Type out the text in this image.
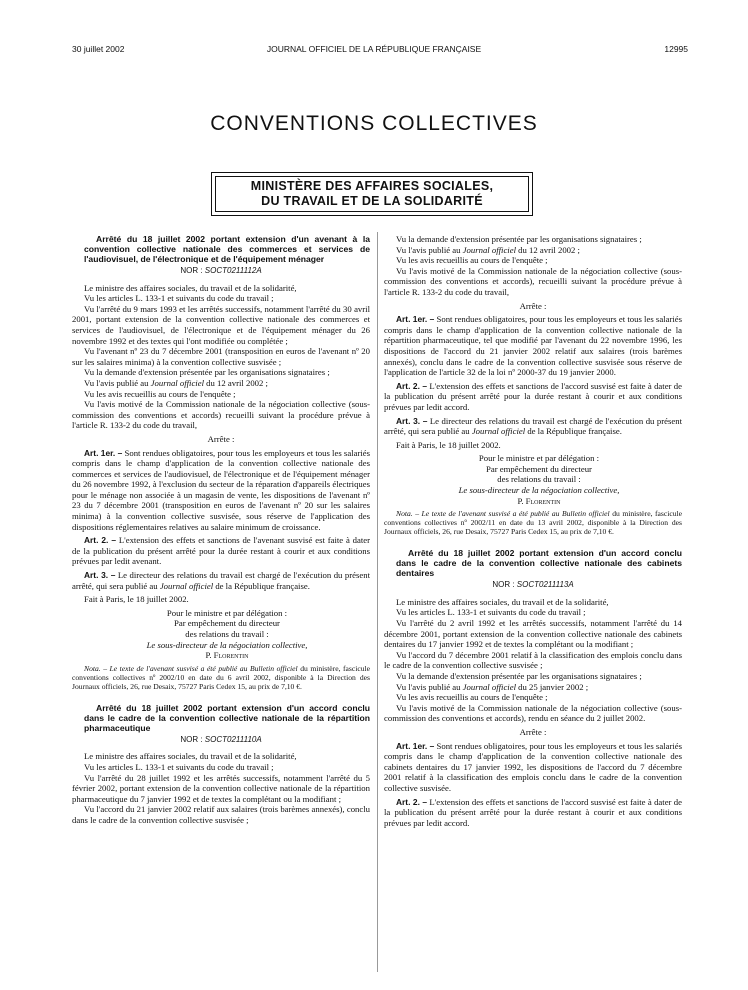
30 juillet 2002	JOURNAL OFFICIEL DE LA RÉPUBLIQUE FRANÇAISE	12995
CONVENTIONS COLLECTIVES
MINISTÈRE DES AFFAIRES SOCIALES,
DU TRAVAIL ET DE LA SOLIDARITÉ

Arrêté du 18 juillet 2002 portant extension d'un avenant à la convention collective nationale des commerces et services de l'audiovisuel, de l'électronique et de l'équipement ménager

NOR : SOCT0211112A

Le ministre des affaires sociales, du travail et de la solidarité,

Vu les articles L. 133-1 et suivants du code du travail ;

Vu l'arrêté du 9 mars 1993 et les arrêtés successifs, notamment l'arrêté du 30 avril 2001, portant extension de la convention collective nationale des commerces et services de l'audiovisuel, de l'électronique et de l'équipement ménager du 26 novembre 1992 et des textes qui l'ont modifiée ou complétée ;

Vu l'avenant nº 23 du 7 décembre 2001 (transposition en euros de l'avenant nº 20 sur les salaires minima) à la convention collective susvisée ;

Vu la demande d'extension présentée par les organisations signataires ;

Vu l'avis publié au Journal officiel du 12 avril 2002 ;

Vu les avis recueillis au cours de l'enquête ;

Vu l'avis motivé de la Commission nationale de la négociation collective (sous-commission des conventions et accords) recueilli suivant la procédure prévue à l'article R. 133-2 du code du travail,

Arrête :

Art. 1er. – Sont rendues obligatoires, pour tous les employeurs et tous les salariés compris dans le champ d'application de la convention collective nationale des commerces et services de l'audiovisuel, de l'électronique et de l'équipement ménager du 26 novembre 1992, à l'exclusion du secteur de la réparation d'appareils électriques pour le ménage non associée à un magasin de vente, les dispositions de l'avenant nº 23 du 7 décembre 2001 (transposition en euros de l'avenant nº 20 sur les salaires minima) à la convention collective susvisée, sous réserve de l'application des dispositions réglementaires relatives au salaire minimum de croissance.

Art. 2. – L'extension des effets et sanctions de l'avenant susvisé est faite à dater de la publication du présent arrêté pour la durée restant à courir et aux conditions prévues par ledit avenant.

Art. 3. – Le directeur des relations du travail est chargé de l'exécution du présent arrêté, qui sera publié au Journal officiel de la République française.

Fait à Paris, le 18 juillet 2002.

Pour le ministre et par délégation :

Par empêchement du directeur

des relations du travail :

Le sous-directeur de la négociation collective,

P. Florentin

Nota. – Le texte de l'avenant susvisé a été publié au Bulletin officiel du ministère, fascicule conventions collectives nº 2002/10 en date du 6 avril 2002, disponible à la Direction des Journaux officiels, 26, rue Desaix, 75727 Paris Cedex 15, au prix de 7,10 €.

Arrêté du 18 juillet 2002 portant extension d'un accord conclu dans le cadre de la convention collective nationale de la répartition pharmaceutique

NOR : SOCT0211110A

Le ministre des affaires sociales, du travail et de la solidarité,

Vu les articles L. 133-1 et suivants du code du travail ;

Vu l'arrêté du 28 juillet 1992 et les arrêtés successifs, notamment l'arrêté du 5 février 2002, portant extension de la convention collective nationale de la répartition pharmaceutique du 7 janvier 1992 et de textes la complétant ou la modifiant ;

Vu l'accord du 21 janvier 2002 relatif aux salaires (trois barèmes annexés), conclu dans le cadre de la convention collective susvisée ;

Vu la demande d'extension présentée par les organisations signataires ;

Vu l'avis publié au Journal officiel du 12 avril 2002 ;

Vu les avis recueillis au cours de l'enquête ;

Vu l'avis motivé de la Commission nationale de la négociation collective (sous-commission des conventions et accords), recueilli suivant la procédure prévue à l'article R. 133-2 du code du travail,

Arrête :

Art. 1er. – Sont rendues obligatoires, pour tous les employeurs et tous les salariés compris dans le champ d'application de la convention collective nationale de la répartition pharmaceutique, tel que modifié par l'avenant du 22 novembre 1996, les dispositions de l'accord du 21 janvier 2002 relatif aux salaires (trois barèmes annexés), conclu dans le cadre de la convention collective susvisée sous réserve de l'application de l'article 32 de la loi nº 2000-37 du 19 janvier 2000.

Art. 2. – L'extension des effets et sanctions de l'accord susvisé est faite à dater de la publication du présent arrêté pour la durée restant à courir et aux conditions prévues par ledit accord.

Art. 3. – Le directeur des relations du travail est chargé de l'exécution du présent arrêté, qui sera publié au Journal officiel de la République française.

Fait à Paris, le 18 juillet 2002.

Pour le ministre et par délégation :

Par empêchement du directeur

des relations du travail :

Le sous-directeur de la négociation collective,

P. Florentin

Nota. – Le texte de l'avenant susvisé a été publié au Bulletin officiel du ministère, fascicule conventions collectives nº 2002/11 en date du 13 avril 2002, disponible à la Direction des Journaux officiels, 26, rue Desaix, 75727 Paris Cedex 15, au prix de 7,10 €.

Arrêté du 18 juillet 2002 portant extension d'un accord conclu dans le cadre de la convention collective nationale des cabinets dentaires

NOR : SOCT0211113A

Le ministre des affaires sociales, du travail et de la solidarité,

Vu les articles L. 133-1 et suivants du code du travail ;

Vu l'arrêté du 2 avril 1992 et les arrêtés successifs, notamment l'arrêté du 14 décembre 2001, portant extension de la convention collective nationale des cabinets dentaires du 17 janvier 1992 et de textes la complétant ou la modifiant ;

Vu l'accord du 7 décembre 2001 relatif à la classification des emplois conclu dans le cadre de la convention collective susvisée ;

Vu la demande d'extension présentée par les organisations signataires ;

Vu l'avis publié au Journal officiel du 25 janvier 2002 ;

Vu les avis recueillis au cours de l'enquête ;

Vu l'avis motivé de la Commission nationale de la négociation collective (sous-commission des conventions et accords), rendu en séance du 2 juillet 2002.

Arrête :

Art. 1er. – Sont rendues obligatoires, pour tous les employeurs et tous les salariés compris dans le champ d'application de la convention collective nationale des cabinets dentaires du 17 janvier 1992, les dispositions de l'accord du 7 décembre 2001 relatif à la classification des emplois conclu dans le cadre de la convention collective susvisée.

Art. 2. – L'extension des effets et sanctions de l'accord susvisé est faite à dater de la publication du présent arrêté pour la durée restant à courir et aux conditions prévues par ledit accord.
